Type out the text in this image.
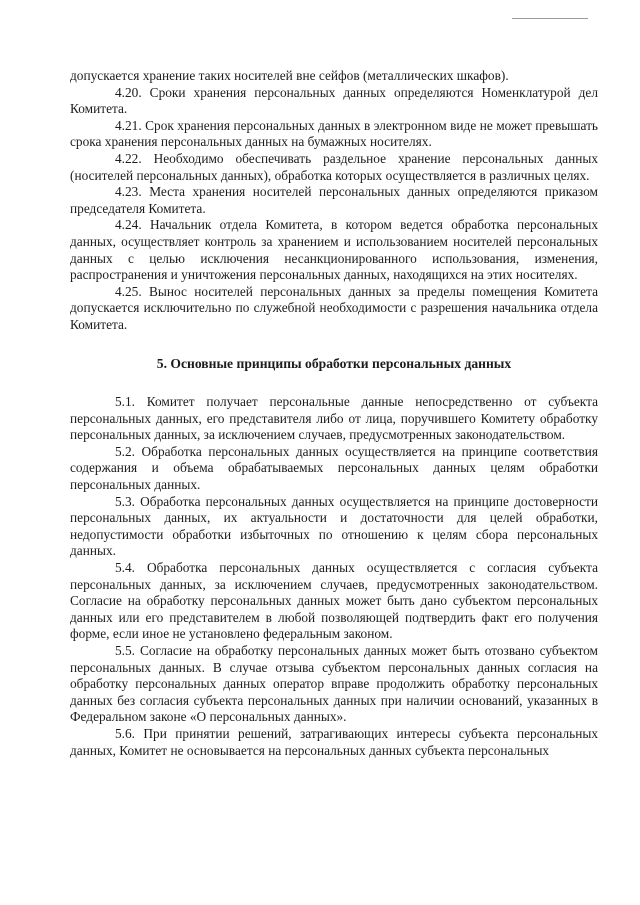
допускается хранение таких носителей вне сейфов (металлических шкафов).

4.20. Сроки хранения персональных данных определяются Номенклатурой дел Комитета.

4.21. Срок хранения персональных данных в электронном виде не может превышать срока хранения персональных данных на бумажных носителях.

4.22. Необходимо обеспечивать раздельное хранение персональных данных (носителей персональных данных), обработка которых осуществляется в различных целях.

4.23. Места хранения носителей персональных данных определяются приказом председателя Комитета.

4.24. Начальник отдела Комитета, в котором ведется обработка персональных данных, осуществляет контроль за хранением и использованием носителей персональных данных с целью исключения несанкционированного использования, изменения, распространения и уничтожения персональных данных, находящихся на этих носителях.

4.25. Вынос носителей персональных данных за пределы помещения Комитета допускается исключительно по служебной необходимости с разрешения начальника отдела Комитета.

5. Основные принципы обработки персональных данных

5.1. Комитет получает персональные данные непосредственно от субъекта персональных данных, его представителя либо от лица, поручившего Комитету обработку персональных данных, за исключением случаев, предусмотренных законодательством.

5.2. Обработка персональных данных осуществляется на принципе соответствия содержания и объема обрабатываемых персональных данных целям обработки персональных данных.

5.3. Обработка персональных данных осуществляется на принципе достоверности персональных данных, их актуальности и достаточности для целей обработки, недопустимости обработки избыточных по отношению к целям сбора персональных данных.

5.4. Обработка персональных данных осуществляется с согласия субъекта персональных данных, за исключением случаев, предусмотренных законодательством. Согласие на обработку персональных данных может быть дано субъектом персональных данных или его представителем в любой позволяющей подтвердить факт его получения форме, если иное не установлено федеральным законом.

5.5. Согласие на обработку персональных данных может быть отозвано субъектом персональных данных. В случае отзыва субъектом персональных данных согласия на обработку персональных данных оператор вправе продолжить обработку персональных данных без согласия субъекта персональных данных при наличии оснований, указанных в Федеральном законе «О персональных данных».

5.6. При принятии решений, затрагивающих интересы субъекта персональных данных, Комитет не основывается на персональных данных субъекта персональных
